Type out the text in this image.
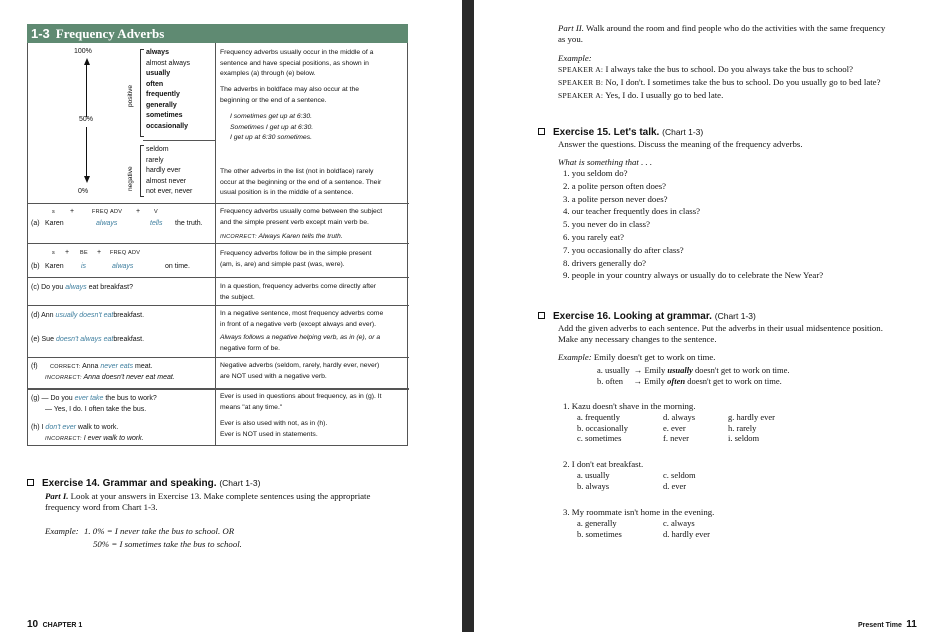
1-3 Frequency Adverbs
100%
50%
0%
positive
negative
always
almost always
usually
often
frequently
generally
sometimes
occasionally
seldom
rarely
hardly ever
almost never
not ever, never
Frequency adverbs usually occur in the middle of a
sentence and have special positions, as shown in
examples (a) through (e) below.
The adverbs in boldface may also occur at the
beginning or the end of a sentence.
I sometimes get up at 6:30.
Sometimes I get up at 6:30.
I get up at 6:30 sometimes.
The other adverbs in the list (not in boldface) rarely
occur at the beginning or the end of a sentence. Their
usual position is in the middle of a sentence.
s +	FREQ ADV +	V
(a) Karen	always	tells the truth.
Frequency adverbs usually come between the subject
and the simple present verb except main verb be.
INCORRECT: Always Karen tells the truth.
s + BE + FREQ ADV
(b) Karen is	always	on time.
Frequency adverbs follow be in the simple present
(am, is, are) and simple past (was, were).
(c) Do you always eat breakfast?	In a question, frequency adverbs come directly after
the subject.
(d) Ann usually doesn't eatbreakfast.
(e) Sue doesn't always eatbreakfast.
In a negative sentence, most frequency adverbs come
in front of a negative verb (except always and ever).
Always follows a negative helping verb, as in (e), or a
negative form of be.
(f) CORRECT: Anna never eats meat.
INCORRECT: Anna doesn't never eat meat.
Negative adverbs (seldom, rarely, hardly ever, never)
are NOT used with a negative verb.
(g) — Do you ever take the bus to work?
— Yes, I do. I often take the bus.
(h) I don't ever walk to work.
INCORRECT: I ever walk to work.
Ever is used in questions about frequency, as in (g). It
means "at any time."
Ever is also used with not, as in (h).
Ever is NOT used in statements.
Exercise 14. Grammar and speaking. (Chart 1-3)
Part I. Look at your answers in Exercise 13. Make complete sentences using the appropriate
frequency word from Chart 1-3.
Example: 1. 0% = I never take the bus to school. OR
50% = I sometimes take the bus to school.
10 CHAPTER 1
Part II. Walk around the room and find people who do the activities with the same frequency
as you.
Example:
SPEAKER A: I always take the bus to school. Do you always take the bus to school?
SPEAKER B: No, I don't. I sometimes take the bus to school. Do you usually go to bed late?
SPEAKER A: Yes, I do. I usually go to bed late.
Exercise 15. Let's talk. (Chart 1-3)
Answer the questions. Discuss the meaning of the frequency adverbs.
What is something that . . .
1. you seldom do?
2. a polite person often does?
3. a polite person never does?
4. our teacher frequently does in class?
5. you never do in class?
6. you rarely eat?
7. you occasionally do after class?
8. drivers generally do?
9. people in your country always or usually do to celebrate the New Year?
Exercise 16. Looking at grammar. (Chart 1-3)
Add the given adverbs to each sentence. Put the adverbs in their usual midsentence position.
Make any necessary changes to the sentence.
Example: Emily doesn't get to work on time.
a. usually → Emily usually doesn't get to work on time.
b. often → Emily often doesn't get to work on time.
1. Kazu doesn't shave in the morning.
a. frequently
b. occasionally
c. sometimes
d. always
e. ever
f. never
g. hardly ever
h. rarely
i. seldom
2. I don't eat breakfast.
a. usually
b. always
c. seldom
d. ever
3. My roommate isn't home in the evening.
a. generally
b. sometimes
c. always
d. hardly ever
Present Time 11
